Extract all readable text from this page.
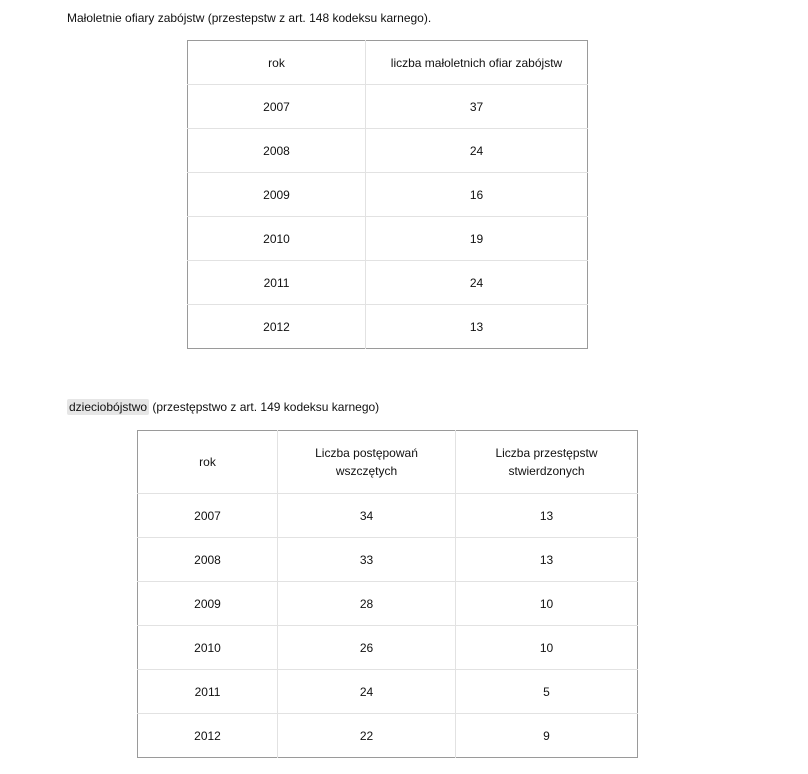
Małoletnie ofiary zabójstw (przestepstw z art. 148 kodeksu karnego).
rok	liczba małoletnich ofiar zabójstw
2007	37
2008	24
2009	16
2010	19
2011	24
2012	13
dzieciobójstwo (przestępstwo z art. 149 kodeksu karnego)
rok	Liczba postępowań wszczętych	Liczba przestępstw stwierdzonych
2007	34	13
2008	33	13
2009	28	10
2010	26	10
2011	24	5
2012	22	9
